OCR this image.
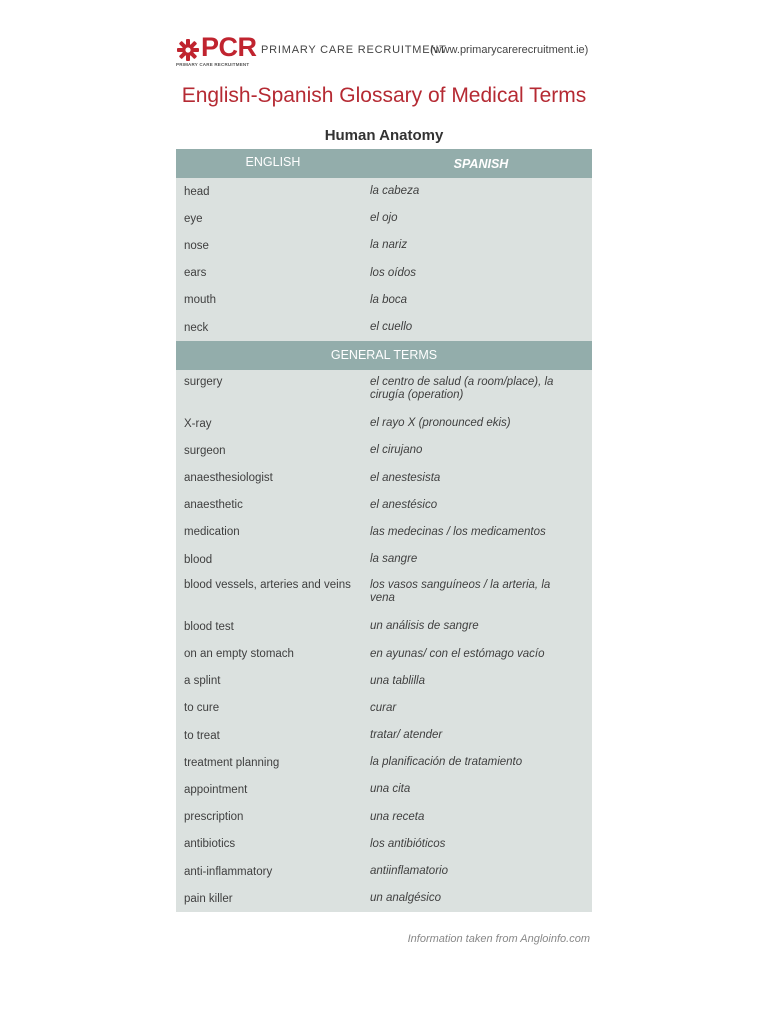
PCR
PRIMARY CARE RECRUITMENT
PRIMARY CARE RECRUITMENT
(www.primarycarerecruitment.ie)
English-Spanish Glossary of Medical Terms
Human Anatomy
ENGLISH	SPANISH
head	la cabeza
eye	el ojo
nose	la nariz
ears	los oídos
mouth	la boca
neck	el cuello
GENERAL TERMS
surgery	el centro de salud (a room/place), la cirugía (operation)
X-ray	el rayo X (pronounced ekis)
surgeon	el cirujano
anaesthesiologist	el anestesista
anaesthetic	el anestésico
medication	las medecinas / los medicamentos
blood	la sangre
blood vessels, arteries and veins	los vasos sanguíneos / la arteria, la vena
blood test	un análisis de sangre
on an empty stomach	en ayunas/ con el estómago vacío
a splint	una tablilla
to cure	curar
to treat	tratar/ atender
treatment planning	la planificación de tratamiento
appointment	una cita
prescription	una receta
antibiotics	los antibióticos
anti-inflammatory	antiinflamatorio
pain killer	un analgésico
Information taken from Angloinfo.com
